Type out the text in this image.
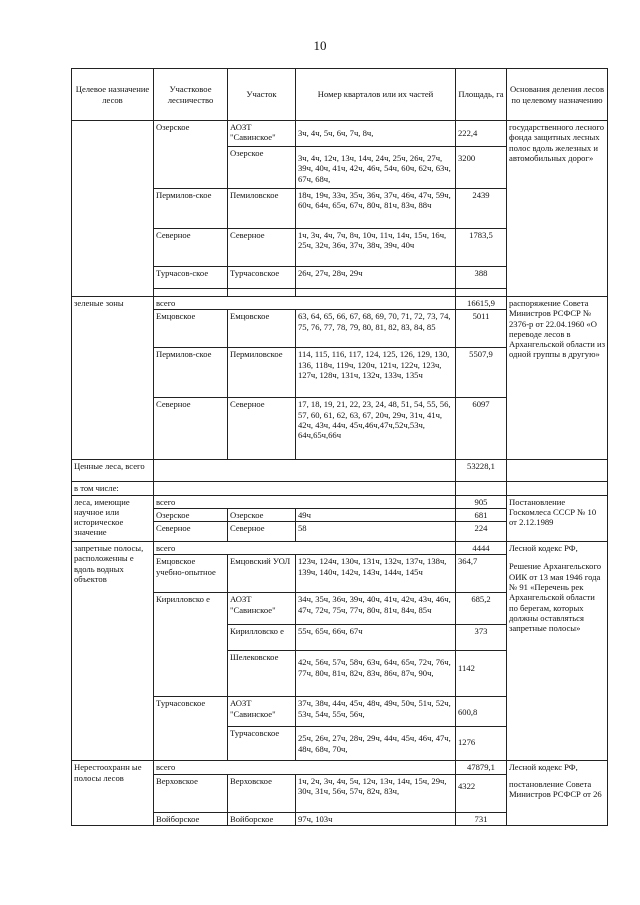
10
Целевое назначение лесов	Участковое лесничество	Участок	Номер кварталов или их частей	Площадь, га	Основания деления лесов по целевому назначению
	Озерское	АОЗТ "Савинское"	3ч, 4ч, 5ч, 6ч, 7ч, 8ч,	222,4	государственного лесного фонда защитных лесных полос вдоль железных и автомобильных дорог»
		Озерское	3ч, 4ч, 12ч, 13ч, 14ч, 24ч, 25ч, 26ч, 27ч, 39ч, 40ч, 41ч, 42ч, 46ч, 54ч, 60ч, 62ч, 63ч, 67ч, 68ч,	3200	
	Пермилов-ское	Пемиловское	18ч, 19ч, 33ч, 35ч, 36ч, 37ч, 46ч, 47ч, 59ч, 60ч, 64ч, 65ч, 67ч, 80ч, 81ч, 83ч, 88ч	2439	
	Северное	Северное	1ч, 3ч, 4ч, 7ч, 8ч, 10ч, 11ч, 14ч, 15ч, 16ч, 25ч, 32ч, 36ч, 37ч, 38ч, 39ч, 40ч	1783,5	
	Турчасов-ское	Турчасовское	26ч, 27ч, 28ч, 29ч	388	

зеленые зоны	всего			16615,9	распоряжение Совета Министров РСФСР № 2376-р от 22.04.1960 «О переводе лесов в Архангельской области из одной группы в другую»
	Емцовское	Емцовское	63, 64, 65, 66, 67, 68, 69, 70, 71, 72, 73, 74, 75, 76, 77, 78, 79, 80, 81, 82, 83, 84, 85	5011	
	Пермилов-ское	Пермиловское	114, 115, 116, 117, 124, 125, 126, 129, 130, 136, 118ч, 119ч, 120ч, 121ч, 122ч, 123ч, 127ч, 128ч, 131ч, 132ч, 133ч, 135ч	5507,9	
	Северное	Северное	17, 18, 19, 21, 22, 23, 24, 48, 51, 54, 55, 56, 57, 60, 61, 62, 63, 67, 20ч, 29ч, 31ч, 41ч, 42ч, 43ч, 44ч, 45ч,46ч,47ч,52ч,53ч, 64ч,65ч,66ч	6097	
Ценные леса, всего				53228,1	
в том числе:					
леса, имеющие научное или историческое значение	всего			905	Постановление Госкомлеса СССР № 10 от 2.12.1989
	Озерское	Озерское	49ч	681	
	Северное	Северное	58	224	
запретные полосы, расположенны е вдоль водных объектов	всего			4444	Лесной кодекс РФ,
Решение Архангельского ОИК от 13 мая 1946 года № 91 «Перечень рек Архангельской области по берегам, которых должны оставляться запретные полосы»

	Емцовское учебно-опытное	Емцовский УОЛ	123ч, 124ч, 130ч, 131ч, 132ч, 137ч, 138ч, 139ч, 140ч, 142ч, 143ч, 144ч, 145ч	364,7	
	Кирилловско е	АОЗТ "Савинское"	34ч, 35ч, 36ч, 39ч, 40ч, 41ч, 42ч, 43ч, 46ч, 47ч, 72ч, 75ч, 77ч, 80ч, 81ч, 84ч, 85ч	685,2	
		Кирилловско е	55ч, 65ч, 66ч, 67ч	373	
		Шелековское	42ч, 56ч, 57ч, 58ч, 63ч, 64ч, 65ч, 72ч, 76ч, 77ч, 80ч, 81ч, 82ч, 83ч, 86ч, 87ч, 90ч,	1142	
	Турчасовское	АОЗТ "Савинское"	37ч, 38ч, 44ч, 45ч, 48ч, 49ч, 50ч, 51ч, 52ч, 53ч, 54ч, 55ч, 56ч,	600,8	
		Турчасовское	25ч, 26ч, 27ч, 28ч, 29ч, 44ч, 45ч, 46ч, 47ч, 48ч, 68ч, 70ч,	1276	
Нерестоохранн ые полосы лесов	всего			47879,1	Лесной кодекс РФ,
постановление Совета Министров РСФСР от 26

	Верховское	Верховское	1ч, 2ч, 3ч, 4ч, 5ч, 12ч, 13ч, 14ч, 15ч, 29ч, 30ч, 31ч, 56ч, 57ч, 82ч, 83ч,	4322	
	Войборское	Войборское	97ч, 103ч	731	
